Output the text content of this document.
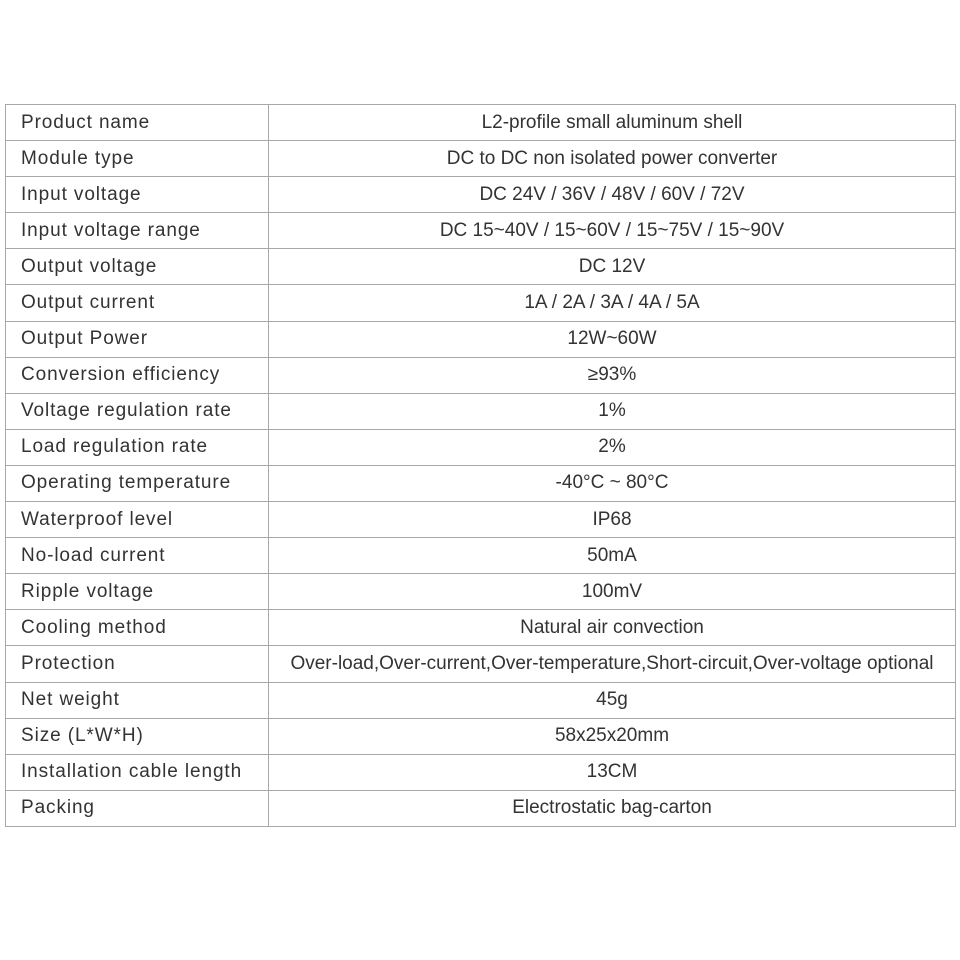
Product name	L2-profile small aluminum shell
Module type	DC to DC non isolated power converter
Input voltage	DC 24V / 36V / 48V / 60V / 72V
Input voltage range	DC 15~40V / 15~60V / 15~75V / 15~90V
Output voltage	DC 12V
Output current	1A / 2A / 3A / 4A / 5A
Output Power	12W~60W
Conversion efficiency	≥93%
Voltage regulation rate	1%
Load regulation rate	2%
Operating temperature	-40°C ~ 80°C
Waterproof level	IP68
No-load current	50mA
Ripple voltage	100mV
Cooling method	Natural air convection
Protection	Over-load,Over-current,Over-temperature,Short-circuit,Over-voltage optional
Net weight	45g
Size (L*W*H)	58x25x20mm
Installation cable length	13CM
Packing	Electrostatic bag-carton
